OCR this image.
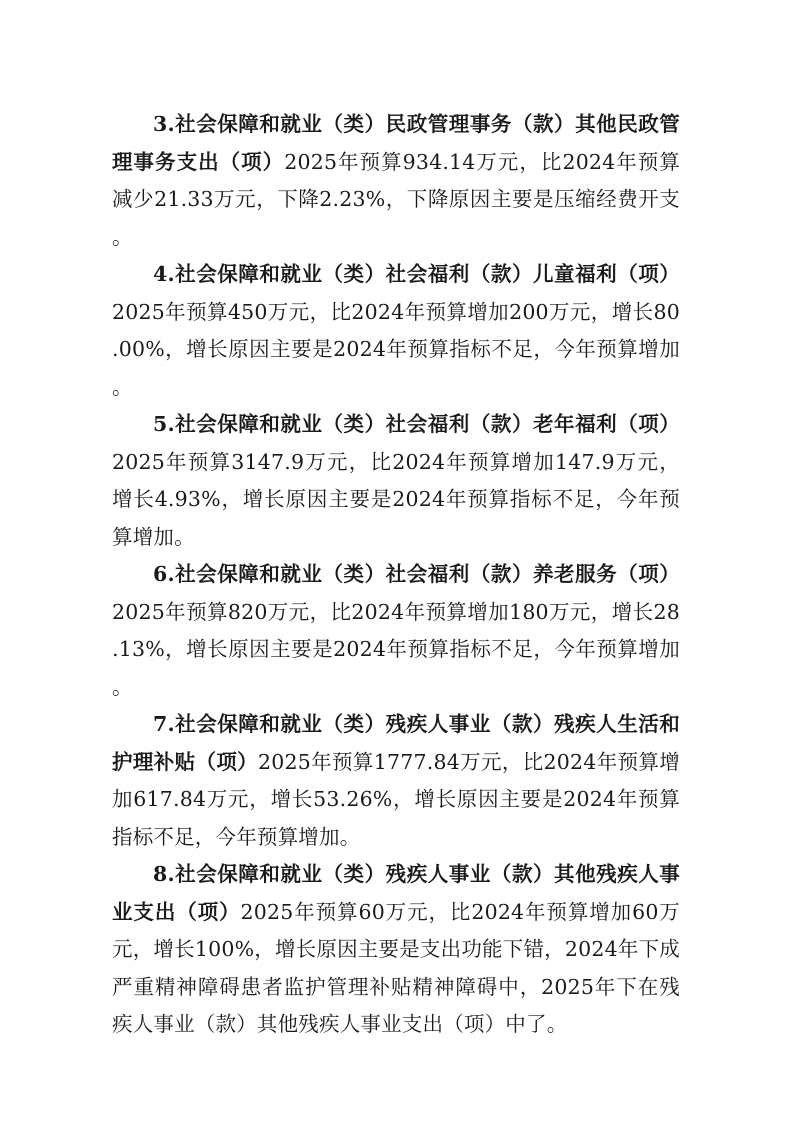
3.社会保障和就业（类）民政管理事务（款）其他民政管理事务支出（项）2025年预算934.14万元，比2024年预算减少21.33万元，下降2.23%，下降原因主要是压缩经费开支。

4.社会保障和就业（类）社会福利（款）儿童福利（项）2025年预算450万元，比2024年预算增加200万元，增长80.00%，增长原因主要是2024年预算指标不足，今年预算增加。

5.社会保障和就业（类）社会福利（款）老年福利（项）2025年预算3147.9万元，比2024年预算增加147.9万元，增长4.93%，增长原因主要是2024年预算指标不足，今年预算增加。

6.社会保障和就业（类）社会福利（款）养老服务（项）2025年预算820万元，比2024年预算增加180万元，增长28.13%，增长原因主要是2024年预算指标不足，今年预算增加。

7.社会保障和就业（类）残疾人事业（款）残疾人生活和护理补贴（项）2025年预算1777.84万元，比2024年预算增加617.84万元，增长53.26%，增长原因主要是2024年预算指标不足，今年预算增加。

8.社会保障和就业（类）残疾人事业（款）其他残疾人事业支出（项）2025年预算60万元，比2024年预算增加60万元，增长100%，增长原因主要是支出功能下错，2024年下成严重精神障碍患者监护管理补贴精神障碍中，2025年下在残疾人事业（款）其他残疾人事业支出（项）中了。
